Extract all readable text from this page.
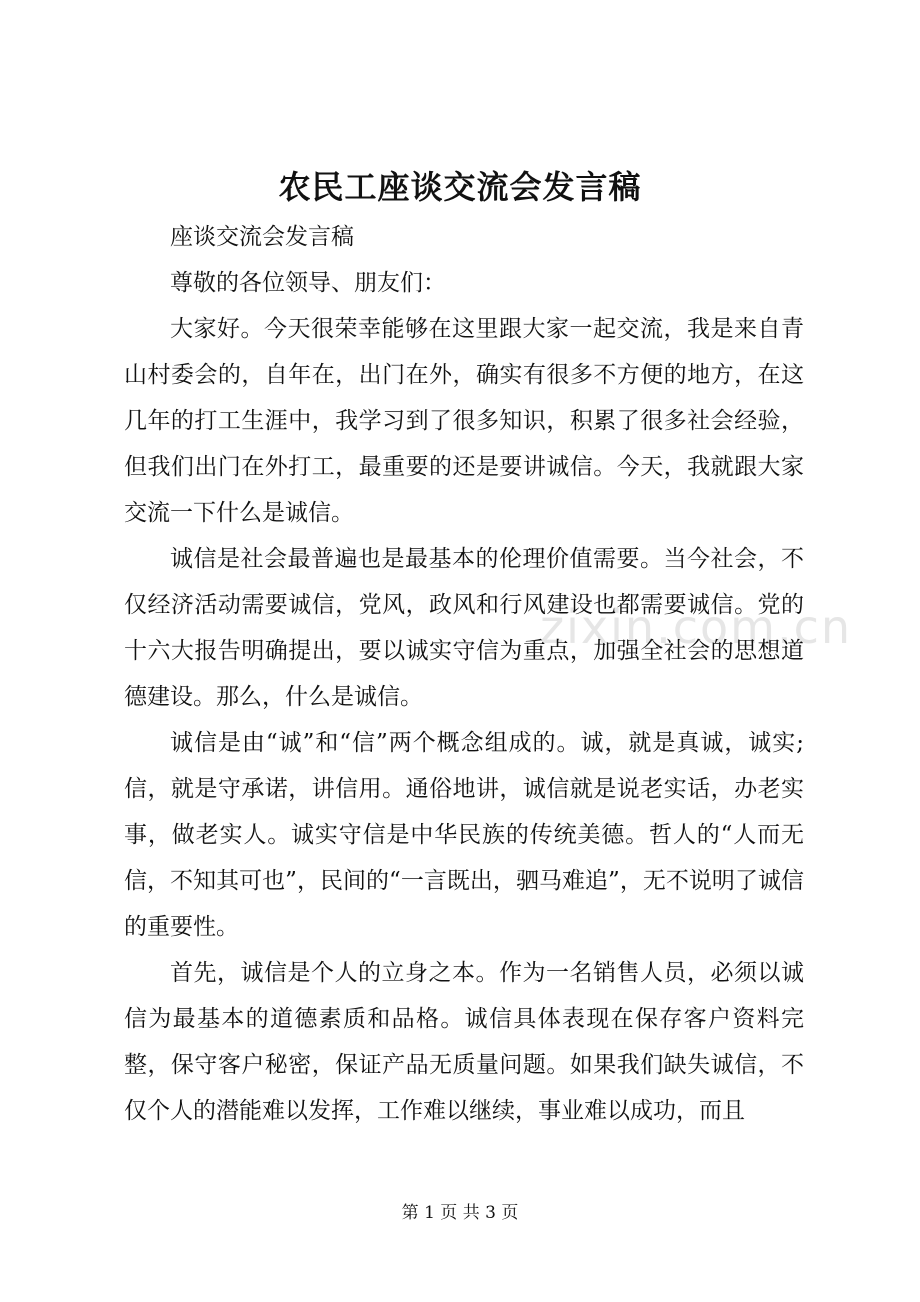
农民工座谈交流会发言稿
zixin.com.cn

座谈交流会发言稿

尊敬的各位领导、朋友们：

大家好。今天很荣幸能够在这里跟大家一起交流，我是来自青山村委会的，自年在，出门在外，确实有很多不方便的地方，在这几年的打工生涯中，我学习到了很多知识，积累了很多社会经验，但我们出门在外打工，最重要的还是要讲诚信。今天，我就跟大家交流一下什么是诚信。

诚信是社会最普遍也是最基本的伦理价值需要。当今社会，不仅经济活动需要诚信，党风，政风和行风建设也都需要诚信。党的十六大报告明确提出，要以诚实守信为重点，加强全社会的思想道德建设。那么，什么是诚信。

诚信是由“诚”和“信”两个概念组成的。诚，就是真诚，诚实;信，就是守承诺，讲信用。通俗地讲，诚信就是说老实话，办老实事，做老实人。诚实守信是中华民族的传统美德。哲人的“人而无信，不知其可也”，民间的“一言既出，驷马难追”，无不说明了诚信的重要性。

首先，诚信是个人的立身之本。作为一名销售人员，必须以诚信为最基本的道德素质和品格。诚信具体表现在保存客户资料完整，保守客户秘密，保证产品无质量问题。如果我们缺失诚信，不仅个人的潜能难以发挥，工作难以继续，事业难以成功，而且

第 1 页 共 3 页
